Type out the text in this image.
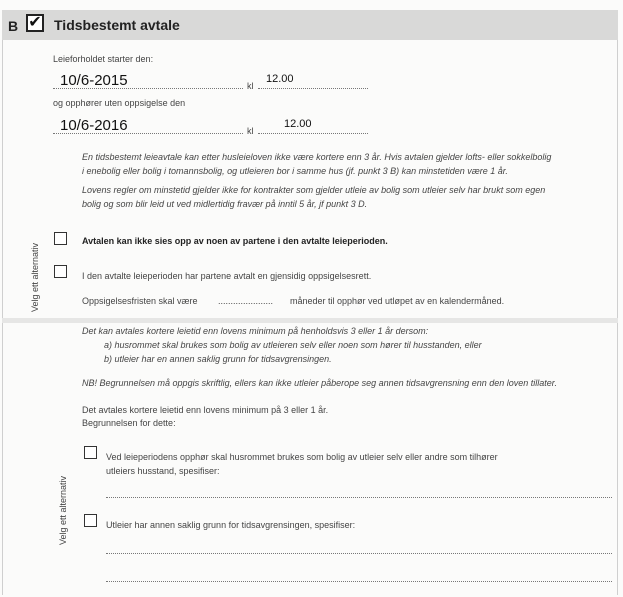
B ✔ Tidsbestemt avtale
Leieforholdet starter den:
10/6-2015	kl
12.00
og opphører uten oppsigelse den
10/6-2016	kl
12.00
En tidsbestemt leieavtale kan etter husleieloven ikke være kortere enn 3 år. Hvis avtalen gjelder lofts- eller sokkelbolig
i enebolig eller bolig i tomannsbolig, og utleieren bor i samme hus (jf. punkt 3 B) kan minstetiden være 1 år.
Lovens regler om minstetid gjelder ikke for kontrakter som gjelder utleie av bolig som utleier selv har brukt som egen
bolig og som blir leid ut ved midlertidig fravær på inntil 5 år, jf punkt 3 D.
Velg ett alternativ
Avtalen kan ikke sies opp av noen av partene i den avtalte leieperioden.
I den avtalte leieperioden har partene avtalt en gjensidig oppsigelsesrett.
Oppsigelsesfristen skal være ...................... måneder til opphør ved utløpet av en kalendermåned.
Det kan avtales kortere leietid enn lovens minimum på henholdsvis 3 eller 1 år dersom:
a) husrommet skal brukes som bolig av utleieren selv eller noen som hører til husstanden, eller
b) utleier har en annen saklig grunn for tidsavgrensingen.
NB! Begrunnelsen må oppgis skriftlig, ellers kan ikke utleier påberope seg annen tidsavgrensning enn den loven tillater.
Det avtales kortere leietid enn lovens minimum på 3 eller 1 år.
Begrunnelsen for dette:
Velg ett alternativ
Ved leieperiodens opphør skal husrommet brukes som bolig av utleier selv eller andre som tilhører
utleiers husstand, spesifiser:
Utleier har annen saklig grunn for tidsavgrensingen, spesifiser:
